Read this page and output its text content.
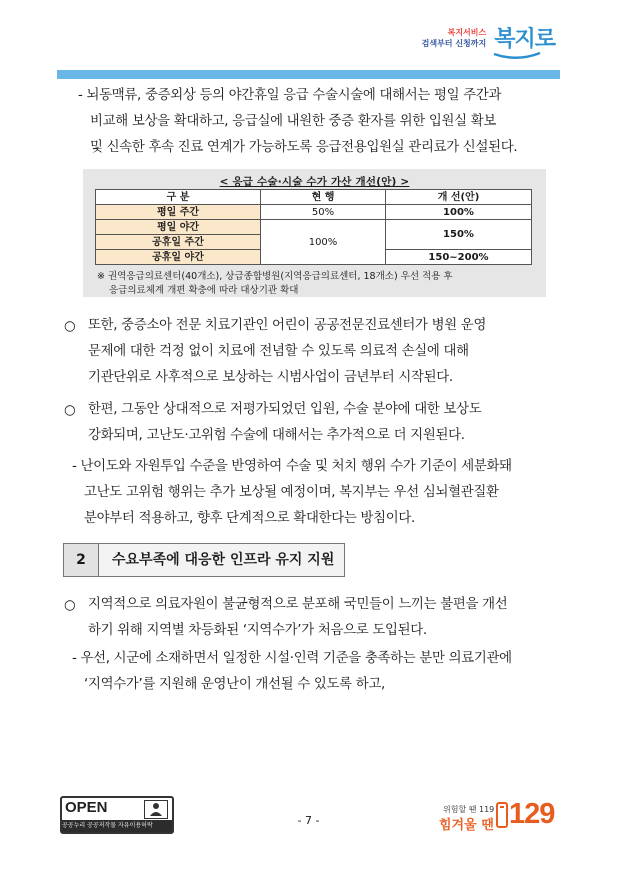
복지서비스
검색부터 신청까지 복지로
- 뇌동맥류, 중증외상 등의 야간휴일 응급 수술시술에 대해서는 평일 주간과
비교해 보상을 확대하고, 응급실에 내원한 중증 환자를 위한 입원실 확보
및 신속한 후속 진료 연계가 가능하도록 응급전용입원실 관리료가 신설된다.
< 응급 수술·시술 수가 가산 개선(안) >
구 분	현 행	개 선(안)
평일 주간	50%	100%
평일 야간	100%	150%
공휴일 주간		
공휴일 야간		150~200%
※ 권역응급의료센터(40개소), 상급종합병원(지역응급의료센터, 18개소) 우선 적용 후
응급의료체계 개편 확충에 따라 대상기관 확대
○ 또한, 중증소아 전문 치료기관인 어린이 공공전문진료센터가 병원 운영
문제에 대한 걱정 없이 치료에 전념할 수 있도록 의료적 손실에 대해
기관단위로 사후적으로 보상하는 시범사업이 금년부터 시작된다.
○ 한편, 그동안 상대적으로 저평가되었던 입원, 수술 분야에 대한 보상도
강화되며, 고난도·고위험 수술에 대해서는 추가적으로 더 지원된다.
- 난이도와 자원투입 수준을 반영하여 수술 및 처치 행위 수가 기준이 세분화돼
고난도 고위험 행위는 추가 보상될 예정이며, 복지부는 우선 심뇌혈관질환
분야부터 적용하고, 향후 단계적으로 확대한다는 방침이다.
2	수요부족에 대응한 인프라 유지 지원
○ 지역적으로 의료자원이 불균형적으로 분포해 국민들이 느끼는 불편을 개선
하기 위해 지역별 차등화된 ‘지역수가’가 처음으로 도입된다.
- 우선, 시군에 소재하면서 일정한 시설·인력 기준을 충족하는 분만 의료기관에
‘지역수가’를 지원해 운영난이 개선될 수 있도록 하고,
OPEN
공공누리 공공저작물 자유이용허락	- 7 -
위험할 땐 119
힘겨울 땐 129
